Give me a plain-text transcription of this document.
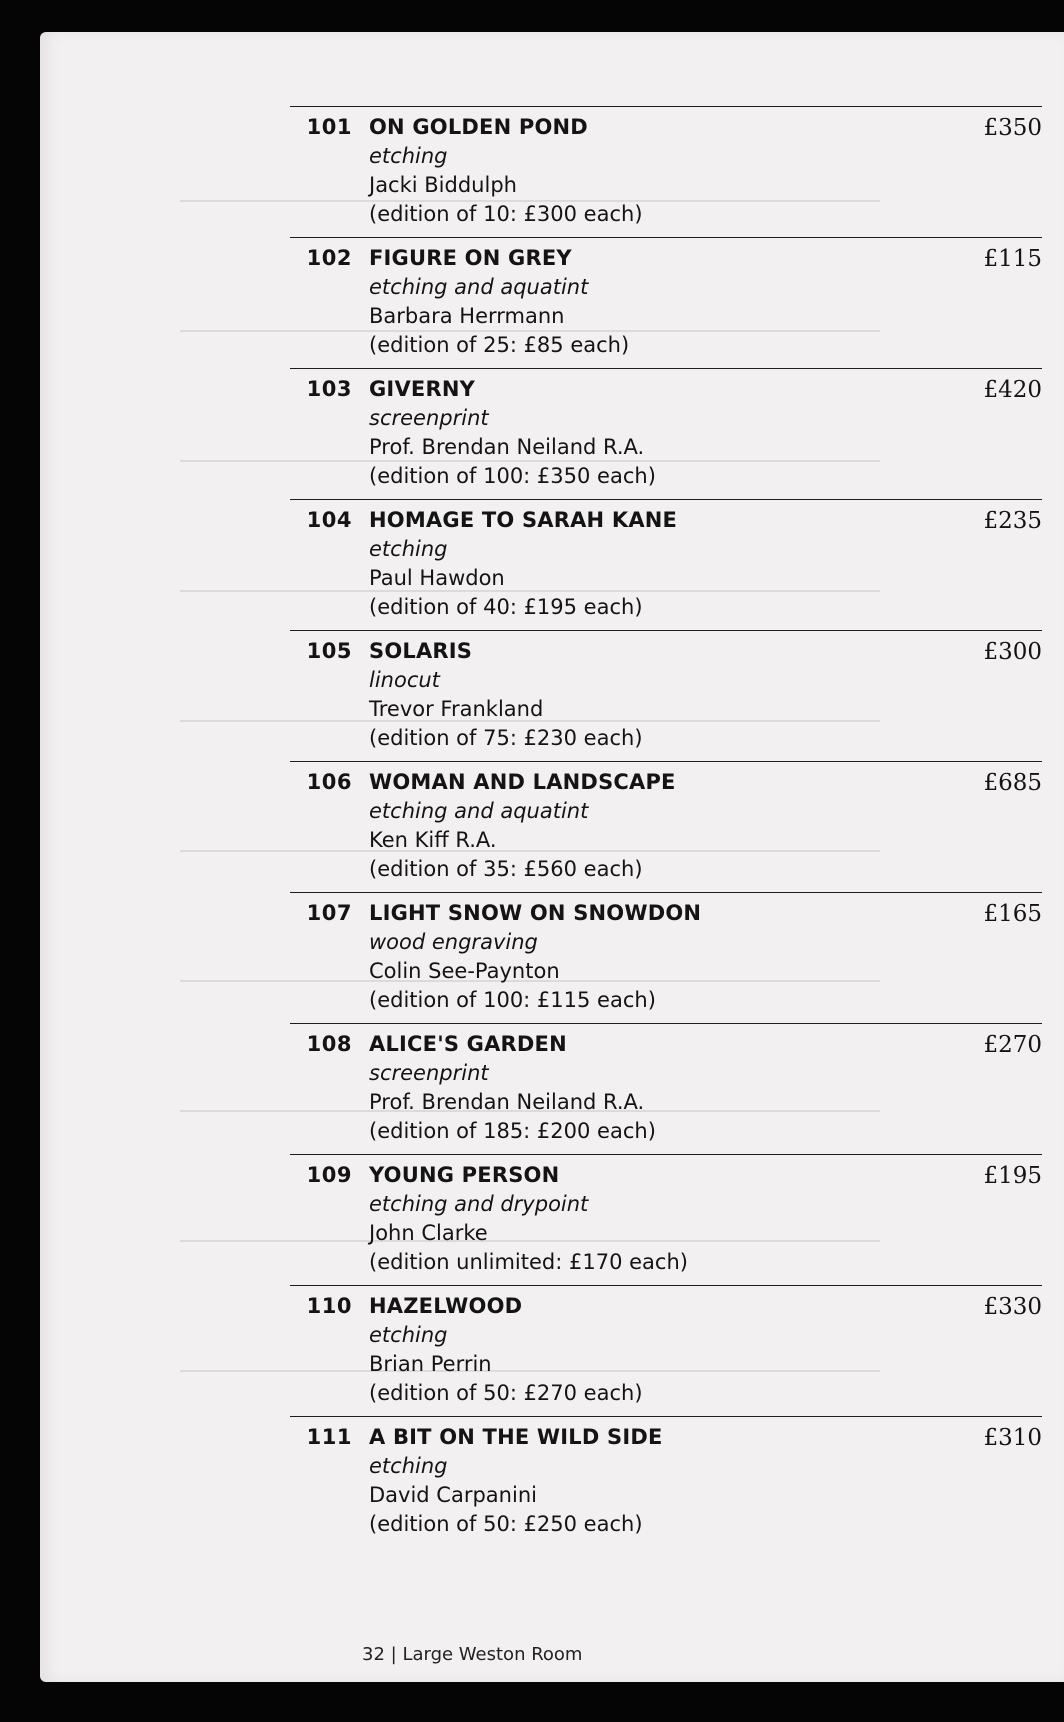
101 ON GOLDEN POND
etching
Jacki Biddulph
(edition of 10: £300 each)
£350
102 FIGURE ON GREY
etching and aquatint
Barbara Herrmann
(edition of 25: £85 each)
£115
103 GIVERNY
screenprint
Prof. Brendan Neiland R.A.
(edition of 100: £350 each)
£420
104 HOMAGE TO SARAH KANE
etching
Paul Hawdon
(edition of 40: £195 each)
£235
105 SOLARIS
linocut
Trevor Frankland
(edition of 75: £230 each)
£300
106 WOMAN AND LANDSCAPE
etching and aquatint
Ken Kiff R.A.
(edition of 35: £560 each)
£685
107 LIGHT SNOW ON SNOWDON
wood engraving
Colin See-Paynton
(edition of 100: £115 each)
£165
108 ALICE'S GARDEN
screenprint
Prof. Brendan Neiland R.A.
(edition of 185: £200 each)
£270
109 YOUNG PERSON
etching and drypoint
John Clarke
(edition unlimited: £170 each)
£195
110 HAZELWOOD
etching
Brian Perrin
(edition of 50: £270 each)
£330
111 A BIT ON THE WILD SIDE
etching
David Carpanini
(edition of 50: £250 each)
£310
32 | Large Weston Room
